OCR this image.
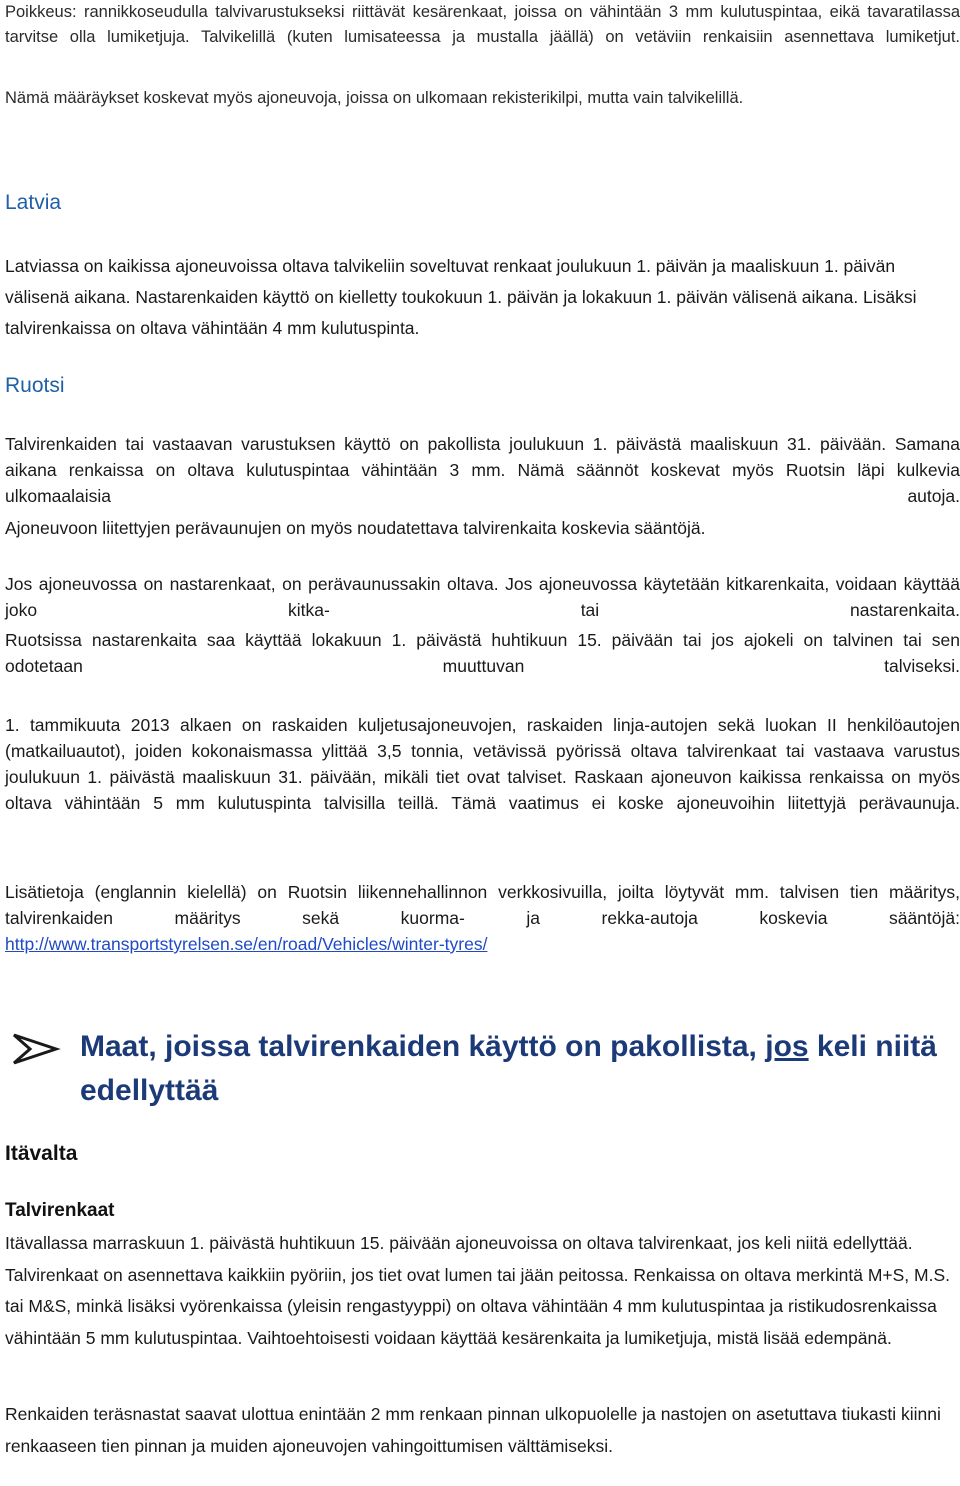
Poikkeus: rannikkoseudulla talvivarustukseksi riittävät kesärenkaat, joissa on vähintään 3 mm kulutuspintaa, eikä tavaratilassa tarvitse olla lumiketjuja. Talvikelillä (kuten lumisateessa ja mustalla jäällä) on vetäviin renkaisiin asennettava lumiketjut.
Nämä määräykset koskevat myös ajoneuvoja, joissa on ulkomaan rekisterikilpi, mutta vain talvikelillä.
Latvia
Latviassa on kaikissa ajoneuvoissa oltava talvikeliin soveltuvat renkaat joulukuun 1. päivän ja maaliskuun 1. päivän välisenä aikana. Nastarenkaiden käyttö on kielletty toukokuun 1. päivän ja lokakuun 1. päivän välisenä aikana. Lisäksi talvirenkaissa on oltava vähintään 4 mm kulutuspinta.
Ruotsi
Talvirenkaiden tai vastaavan varustuksen käyttö on pakollista joulukuun 1. päivästä maaliskuun 31. päivään. Samana aikana renkaissa on oltava kulutuspintaa vähintään 3 mm. Nämä säännöt koskevat myös Ruotsin läpi kulkevia ulkomaalaisia autoja.
Ajoneuvoon liitettyjen perävaunujen on myös noudatettava talvirenkaita koskevia sääntöjä.
Jos ajoneuvossa on nastarenkaat, on perävaunussakin oltava. Jos ajoneuvossa käytetään kitkarenkaita, voidaan käyttää joko kitka- tai nastarenkaita.
Ruotsissa nastarenkaita saa käyttää lokakuun 1. päivästä huhtikuun 15. päivään tai jos ajokeli on talvinen tai sen odotetaan muuttuvan talviseksi.
1. tammikuuta 2013 alkaen on raskaiden kuljetusajoneuvojen, raskaiden linja-autojen sekä luokan II henkilöautojen (matkailuautot), joiden kokonaismassa ylittää 3,5 tonnia, vetävissä pyörissä oltava talvirenkaat tai vastaava varustus joulukuun 1. päivästä maaliskuun 31. päivään, mikäli tiet ovat talviset. Raskaan ajoneuvon kaikissa renkaissa on myös oltava vähintään 5 mm kulutuspinta talvisilla teillä. Tämä vaatimus ei koske ajoneuvoihin liitettyjä perävaunuja.
Lisätietoja (englannin kielellä) on Ruotsin liikennehallinnon verkkosivuilla, joilta löytyvät mm. talvisen tien määritys, talvirenkaiden määritys sekä kuorma- ja rekka-autoja koskevia sääntöjä: http://www.transportstyrelsen.se/en/road/Vehicles/winter-tyres/
Maat, joissa talvirenkaiden käyttö on pakollista, jos keli niitä edellyttää
Itävalta
Talvirenkaat
Itävallassa marraskuun 1. päivästä huhtikuun 15. päivään ajoneuvoissa on oltava talvirenkaat, jos keli niitä edellyttää. Talvirenkaat on asennettava kaikkiin pyöriin, jos tiet ovat lumen tai jään peitossa. Renkaissa on oltava merkintä M+S, M.S. tai M&S, minkä lisäksi vyörenkaissa (yleisin rengastyyppi) on oltava vähintään 4 mm kulutuspintaa ja ristikudosrenkaissa vähintään 5 mm kulutuspintaa. Vaihtoehtoisesti voidaan käyttää kesärenkaita ja lumiketjuja, mistä lisää edempänä.
Renkaiden teräsnastat saavat ulottua enintään 2 mm renkaan pinnan ulkopuolelle ja nastojen on asetuttava tiukasti kiinni renkaaseen tien pinnan ja muiden ajoneuvojen vahingoittumisen välttämiseksi.
